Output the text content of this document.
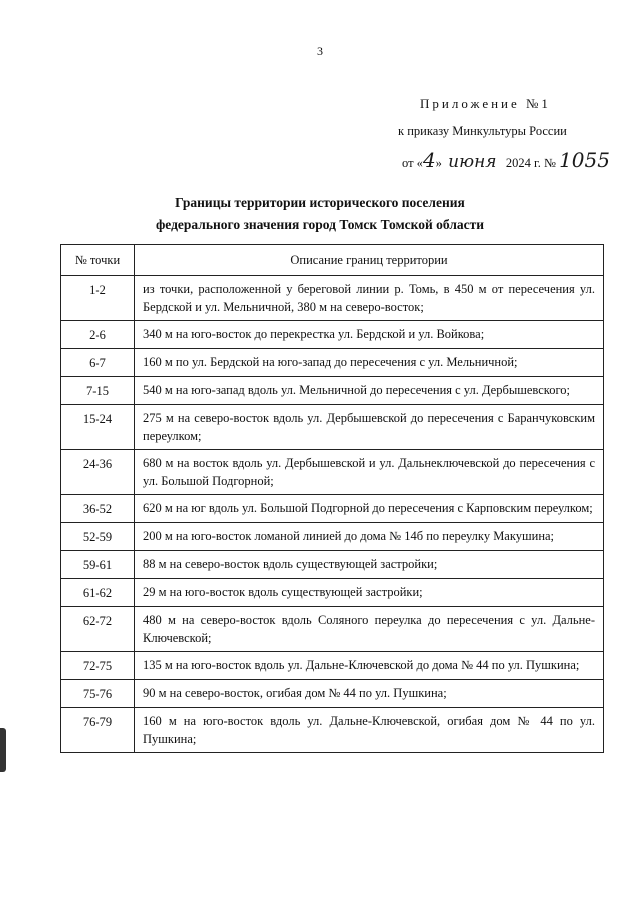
3
Приложение №1
к приказу Минкультуры России
от «4» июня 2024 г. № 1055
Границы территории исторического поселения
федерального значения город Томск Томской области
№ точки	Описание границ территории
1-2	из точки, расположенной у береговой линии р. Томь, в 450 м от пересечения ул. Бердской и ул. Мельничной, 380 м на северо-восток;
2-6	340 м на юго-восток до перекрестка ул. Бердской и ул. Войкова;
6-7	160 м по ул. Бердской на юго-запад до пересечения с ул. Мельничной;
7-15	540 м на юго-запад вдоль ул. Мельничной до пересечения с ул. Дербышевского;
15-24	275 м на северо-восток вдоль ул. Дербышевской до пересечения с Баранчуковским переулком;
24-36	680 м на восток вдоль ул. Дербышевской и ул. Дальнеключевской до пересечения с ул. Большой Подгорной;
36-52	620 м на юг вдоль ул. Большой Подгорной до пересечения с Карповским переулком;
52-59	200 м на юго-восток ломаной линией до дома № 14б по переулку Макушина;
59-61	88 м на северо-восток вдоль существующей застройки;
61-62	29 м на юго-восток вдоль существующей застройки;
62-72	480 м на северо-восток вдоль Соляного переулка до пересечения с ул. Дальне-Ключевской;
72-75	135 м на юго-восток вдоль ул. Дальне-Ключевской до дома № 44 по ул. Пушкина;
75-76	90 м на северо-восток, огибая дом № 44 по ул. Пушкина;
76-79	160 м на юго-восток вдоль ул. Дальне-Ключевской, огибая дом № 44 по ул. Пушкина;
